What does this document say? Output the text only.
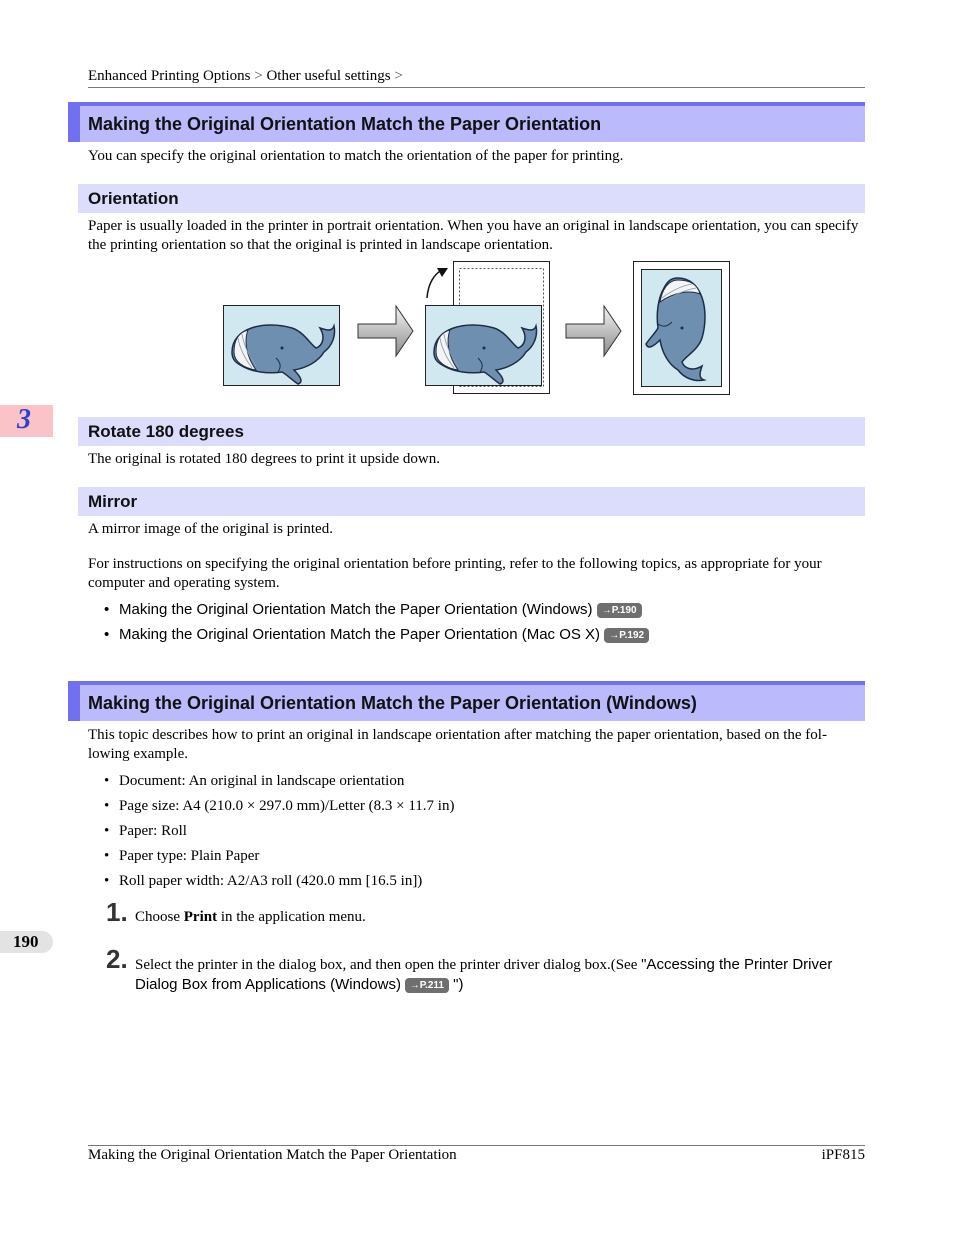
Enhanced Printing Options > Other useful settings >
Making the Original Orientation Match the Paper Orientation
You can specify the original orientation to match the orientation of the paper for printing.
Orientation
Paper is usually loaded in the printer in portrait orientation. When you have an original in landscape orientation, you can specify the printing orientation so that the original is printed in landscape orientation.
Rotate 180 degrees
The original is rotated 180 degrees to print it upside down.
Mirror
A mirror image of the original is printed.
For instructions on specifying the original orientation before printing, refer to the following topics, as appropriate for your computer and operating system.
• Making the Original Orientation Match the Paper Orientation (Windows) →P.190
• Making the Original Orientation Match the Paper Orientation (Mac OS X) →P.192
3
Making the Original Orientation Match the Paper Orientation (Windows)
This topic describes how to print an original in landscape orientation after matching the paper orientation, based on the fol-lowing example.
• Document: An original in landscape orientation
• Page size: A4 (210.0 × 297.0 mm)/Letter (8.3 × 11.7 in)
• Paper: Roll
• Paper type: Plain Paper
• Roll paper width: A2/A3 roll (420.0 mm [16.5 in])
1. Choose Print in the application menu.
2. Select the printer in the dialog box, and then open the printer driver dialog box.(See "Accessing the Printer Driver Dialog Box from Applications (Windows) →P.211 ")
190
Making the Original Orientation Match the Paper Orientation	iPF815
